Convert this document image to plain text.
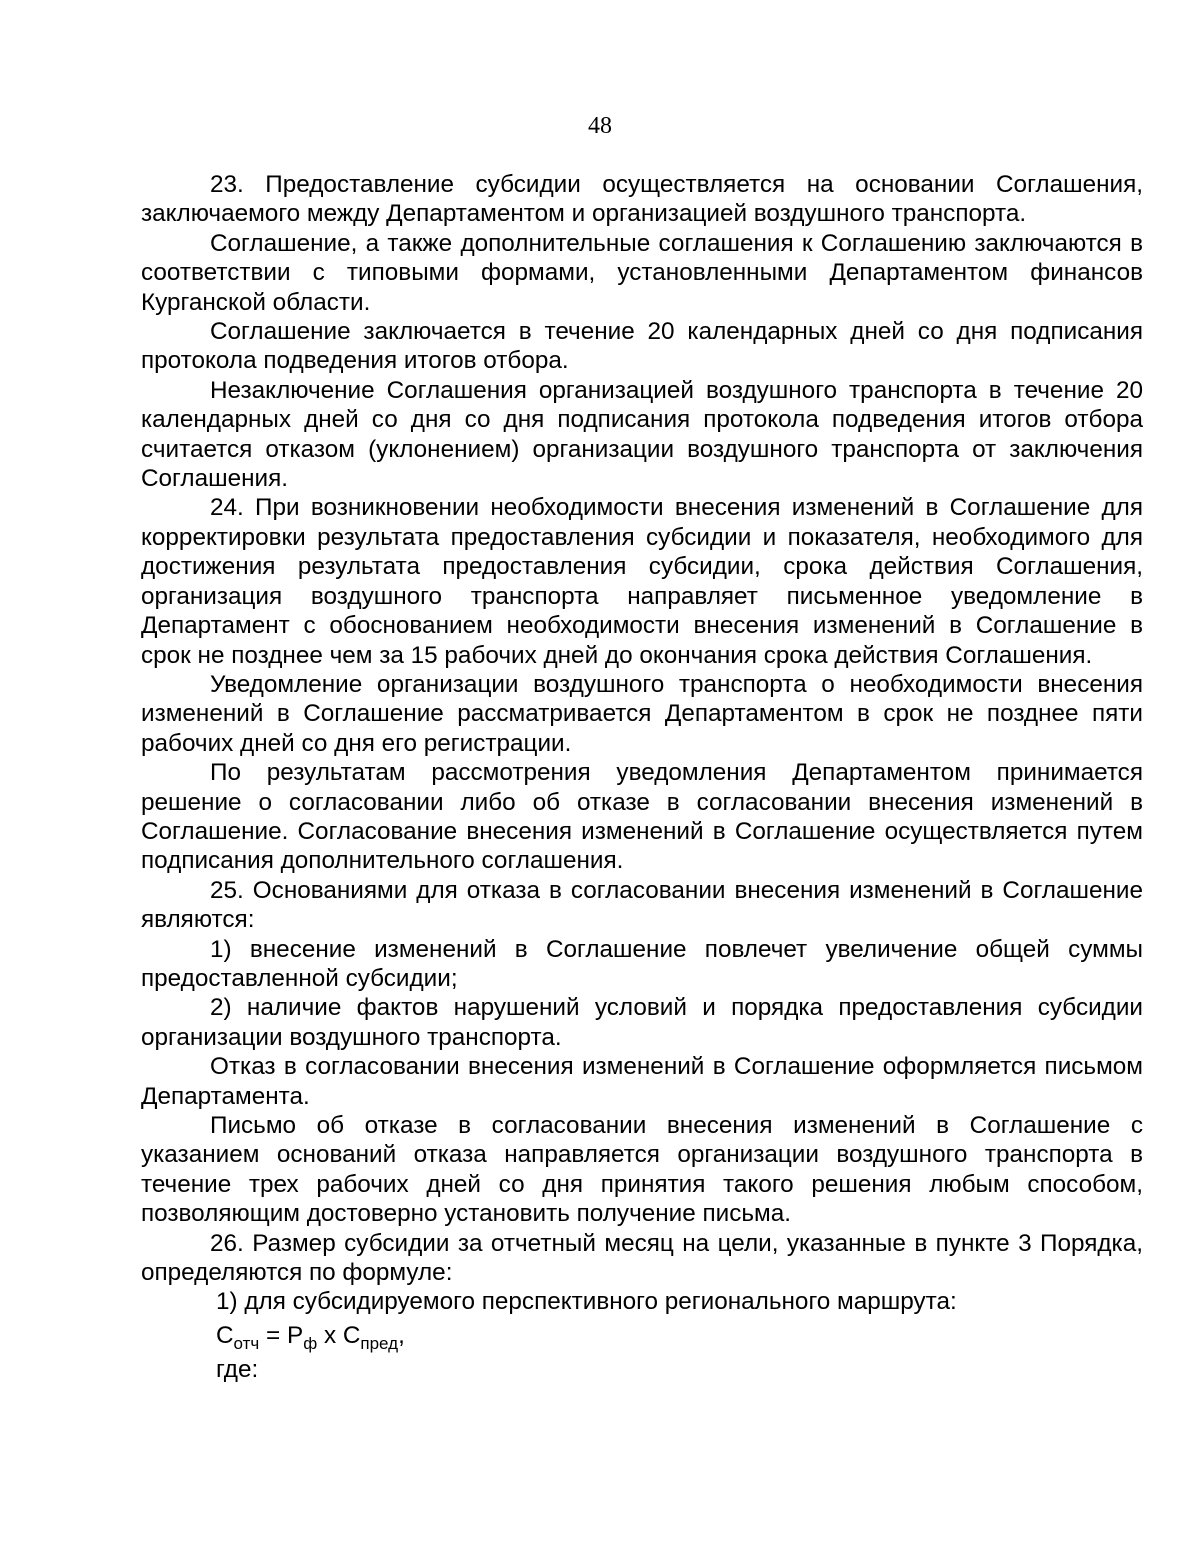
48

23. Предоставление субсидии осуществляется на основании Соглашения, заключаемого между Департаментом и организацией воздушного транспорта.

Соглашение, а также дополнительные соглашения к Соглашению заключаются в соответствии с типовыми формами, установленными Департаментом финансов Курганской области.

Соглашение заключается в течение 20 календарных дней со дня подписания протокола подведения итогов отбора.

Незаключение Соглашения организацией воздушного транспорта в течение 20 календарных дней со дня со дня подписания протокола подведения итогов отбора считается отказом (уклонением) организации воздушного транспорта от заключения Соглашения.

24. При возникновении необходимости внесения изменений в Соглашение для корректировки результата предоставления субсидии и показателя, необходимого для достижения результата предоставления субсидии, срока действия Соглашения, организация воздушного транспорта направляет письменное уведомление в Департамент с обоснованием необходимости внесения изменений в Соглашение в срок не позднее чем за 15 рабочих дней до окончания срока действия Соглашения.

Уведомление организации воздушного транспорта о необходимости внесения изменений в Соглашение рассматривается Департаментом в срок не позднее пяти рабочих дней со дня его регистрации.

По результатам рассмотрения уведомления Департаментом принимается решение о согласовании либо об отказе в согласовании внесения изменений в Соглашение. Согласование внесения изменений в Соглашение осуществляется путем подписания дополнительного соглашения.

25. Основаниями для отказа в согласовании внесения изменений в Соглашение являются:

1) внесение изменений в Соглашение повлечет увеличение общей суммы предоставленной субсидии;

2) наличие фактов нарушений условий и порядка предоставления субсидии организации воздушного транспорта.

Отказ в согласовании внесения изменений в Соглашение оформляется письмом Департамента.

Письмо об отказе в согласовании внесения изменений в Соглашение с указанием оснований отказа направляется организации воздушного транспорта в течение трех рабочих дней со дня принятия такого решения любым способом, позволяющим достоверно установить получение письма.

26. Размер субсидии за отчетный месяц на цели, указанные в пункте 3 Порядка, определяются по формуле:

1) для субсидируемого перспективного регионального маршрута:

$С_{отч} = Р_ф$ х $С_{пред}$,

где:
